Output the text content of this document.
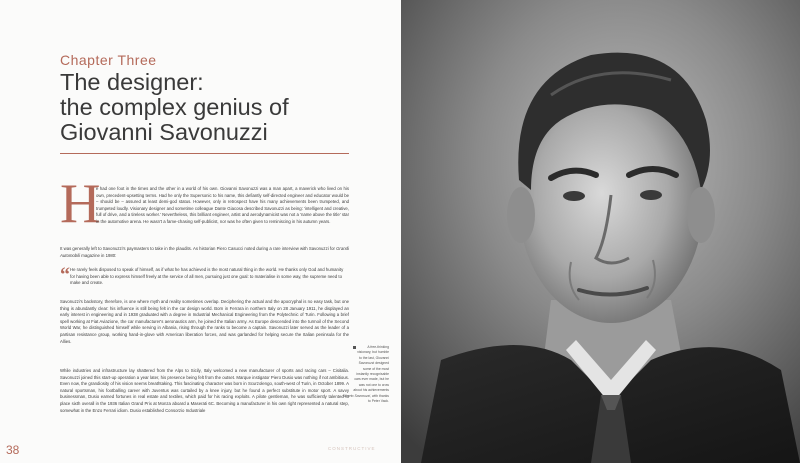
Chapter Three
The designer:
the complex genius of
Giovanni Savonuzzi
H
e had one foot in the times and the other in a world of his own. Giovanni Savonuzzi was a man apart, a maverick who lived on his own, precedent-upsetting terms. Had he only the Supersonic to his name, this defiantly self-directed engineer and educator would be – should be – assured at least demi-god status. However, only in retrospect have his many achievements been trumpeted, and trumpeted loudly. Visionary designer and sometime colleague Dante Giacosa described Savonuzzi as being: 'intelligent and creative, full of drive, and a tireless worker.' Nevertheless, this brilliant engineer, artist and aerodynamicist was not a 'name above the title' star in the automotive arena. He wasn't a fame-chasing self-publicist, nor was he often given to reminiscing in his autumn years.
It was generally left to Savonuzzi's paymasters to take in the plaudits. As historian Piero Casucci noted during a rare interview with Savonuzzi for Grandi Automobili magazine in 1980:
“ He rarely feels disposed to speak of himself, as if what he has achieved is the most natural thing in the world. He thanks only God and humanity for having been able to express himself freely at the service of all men, pursuing just one goal: to materialise in some way, the supreme need to make and create.
Savonuzzi's backstory, therefore, is one where myth and reality sometimes overlap. Deciphering the actual and the apocryphal is no easy task, but one thing is abundantly clear: his influence is still being felt in the car design world. Born in Ferrara in northern Italy on 28 January 1911, he displayed an early interest in engineering and in 1938 graduated with a degree in Industrial Mechanical Engineering from the Polytechnic of Turin. Following a brief spell working at Fiat Aviazione, the car manufacturer's aeronautics arm, he joined the Italian army. As Europe descended into the turmoil of the Second World War, he distinguished himself while serving in Albania, rising through the ranks to become a captain. Savonuzzi later served as the leader of a partisan resistance group, working hand-in-glove with American liberation forces, and was garlanded for helping secure the Italian peninsula for the Allies.
While industries and infrastructure lay shattered from the Alps to Sicily, Italy welcomed a new manufacturer of sports and racing cars – Cisitalia. Savonuzzi joined this start-up operation a year later, his presence being felt from the outset. Marque instigator Piero Dusio was nothing if not ambitious. Even now, the grandiosity of his vision seems breathtaking. This fascinating character was born in Scurzolengo, south-west of Turin, in October 1899. A natural sportsman, his footballing career with Juventus was curtailed by a knee injury, but he found a perfect substitute in motor sport. A savvy businessman, Dusio earned fortunes in real estate and textiles, which paid for his racing exploits. A pilote gentleman, he was sufficiently talented to place sixth overall in the 1936 Italian Grand Prix at Monza aboard a Maserati 6C. Becoming a manufacturer in his own right represented a natural step, somewhat in the Enzo Ferrari idiom. Dusio established Consorzio Industriale
38	CONSTRUCTIVE
A free-thinking
visionary, but humble
to the last, Giovanni
Savonuzzi designed
some of the most
instantly recognisable
cars ever made, but he
was not one to crow
about his achievements
Alberto Savonuzzi, with thanks to Peter Vack.
